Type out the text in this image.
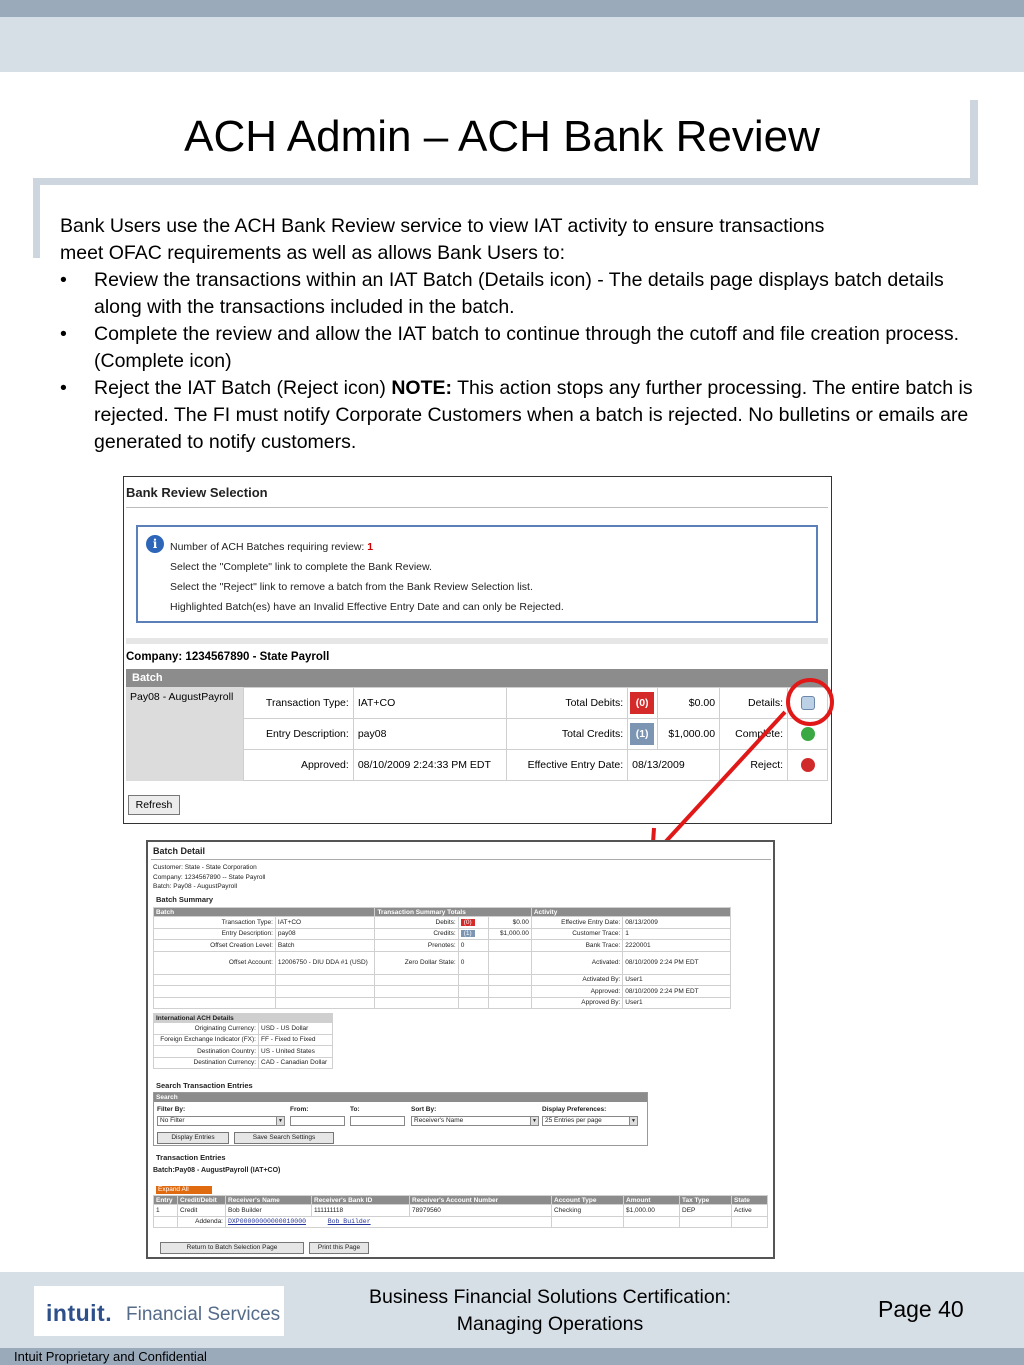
ACH Admin – ACH Bank Review
Bank Users use the ACH Bank Review service to view IAT activity to ensure transactions
meet OFAC requirements as well as allows Bank Users to:
•	Review the transactions within an IAT Batch (Details icon) - The details page displays batch details along with the transactions included in the batch.
•	Complete the review and allow the IAT batch to continue through the cutoff and file creation process. (Complete icon)
•	Reject the IAT Batch (Reject icon) NOTE: This action stops any further processing. The entire batch is rejected. The FI must notify Corporate Customers when a batch is rejected. No bulletins or emails are generated to notify customers.
Bank Review Selection
i	Number of ACH Batches requiring review: 1
Select the "Complete" link to complete the Bank Review.
Select the "Reject" link to remove a batch from the Bank Review Selection list.
Highlighted Batch(es) have an Invalid Effective Entry Date and can only be Rejected.
Company: 1234567890 - State Payroll
Batch
Pay08 - AugustPayroll	Transaction Type:	IAT+CO	Total Debits:	(0)	$0.00	Details:	
Entry Description:	pay08	Total Credits:	(1)	$1,000.00	Complete:	
Approved:	08/10/2009 2:24:33 PM EDT	Effective Entry Date:	08/13/2009		Reject:	
Refresh
Batch Detail
Customer: State - State Corporation
Company: 1234567890 -- State Payroll
Batch: Pay08 - AugustPayroll
Batch Summary
Batch		Transaction Summary Totals			Activity	
Transaction Type:	IAT+CO	Debits:	(0)	$0.00	Effective Entry Date:	08/13/2009
Entry Description:	pay08	Credits:	(1)	$1,000.00	Customer Trace:	1
Offset Creation Level:	Batch	Prenotes:	0		Bank Trace:	2220001
Offset Account:	12006750 - DIU DDA #1 (USD)	Zero Dollar State:	0		Activated:	08/10/2009 2:24 PM EDT
					Activated By:	User1
					Approved:	08/10/2009 2:24 PM EDT
					Approved By:	User1
International ACH Details	
Originating Currency:	USD - US Dollar
Foreign Exchange Indicator (FX):	FF - Fixed to Fixed
Destination Country:	US - United States
Destination Currency:	CAD - Canadian Dollar
Search Transaction Entries
Search
Filter By:
No Filter	▼
From:	To:	Sort By:
Receiver's Name	▼
Display Preferences:
25 Entries per page	▼
Display Entries	Save Search Settings
Transaction Entries
Batch:Pay08 - AugustPayroll (IAT+CO)
Expand All
Entry	Credit/Debit	Receiver's Name	Receiver's Bank ID	Receiver's Account Number	Account Type	Amount	Tax Type	State
1	Credit	Bob Builder	111111118	78979560	Checking	$1,000.00	DEP	Active
	Addenda:	DXP00000000000010000 Bob Builder						
Return to Batch Selection Page	Print this Page
intuit. Financial Services
Business Financial Solutions Certification:
Managing Operations
Page 40
Intuit Proprietary and Confidential
